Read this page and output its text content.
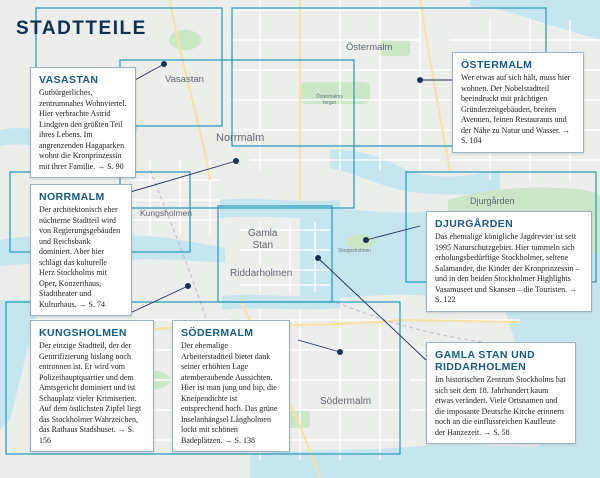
STADTTEILE
Vasastan
Östermalm
Norrmalm
Kungsholmen
Djurgården
Gamla
Stan
Riddarholmen
Södermalm
Östermalms
torget
Skeppsholmen
VASASTAN

Gutbürgerliches, zentrumnahes Wohnviertel. Hier verbrachte Astrid Lindgren den größten Teil ihres Lebens. Im angrenzenden Hagaparken wohnt die Kronprinzessin mit ihrer Familie. → S. 90

ÖSTERMALM

Wer etwas auf sich hält, muss hier wohnen. Der Nobelstadtteil beeindruckt mit prächtigen Gründerzeitgebäuden, breiten Avenuen, feinen Restaurants und der Nähe zu Natur und Wasser. → S. 104

NORRMALM

Der architektonisch eher nüchterne Stadtteil wird von Regierungsgebäuden und Reichsbank dominiert. Aber hier schlägt das kulturelle Herz Stockholms mit Oper, Konzerthaus, Stadttheater und Kulturhaus. → S. 74

DJURGÅRDEN

Das ehemalige königliche Jagdrevier ist seit 1995 Naturschutzgebiet. Hier tummeln sich erholungsbedürftige Stockholmer, seltene Salamander, die Kinder der Kronprinzessin – und in den beiden Stockholmer Highlights Vasamuseet und Skansen – die Touristen. → S. 122

KUNGSHOLMEN

Der einzige Stadtteil, der der Gentrifizierung bislang noch entronnen ist. Er wird vom Polizeihauptquartier und dem Amtsgericht dominiert und ist Schauplatz vieler Krimiserien. Auf dem östlichsten Zipfel liegt das Stockholmer Wahrzeichen, das Rathaus Stadshuset. → S. 156

SÖDERMALM

Der ehemalige Arbeiterstadtteil bietet dank seiner erhöhten Lage atemberaubende Aussichten. Hier ist man jung und hip, die Kneipendichte ist entsprechend hoch. Das grüne Inselanhängsel Långholmen lockt mit schönen Badeplätzen. → S. 138

GAMLA STAN UND RIDDARHOLMEN

Im historischen Zentrum Stockholms hat sich seit dem 18. Jahrhundert kaum etwas verändert. Viele Ortsnamen und die imposante Deutsche Kirche erinnern noch an die einflussreichen Kaufleute der Hanzezeit. → S. 58
